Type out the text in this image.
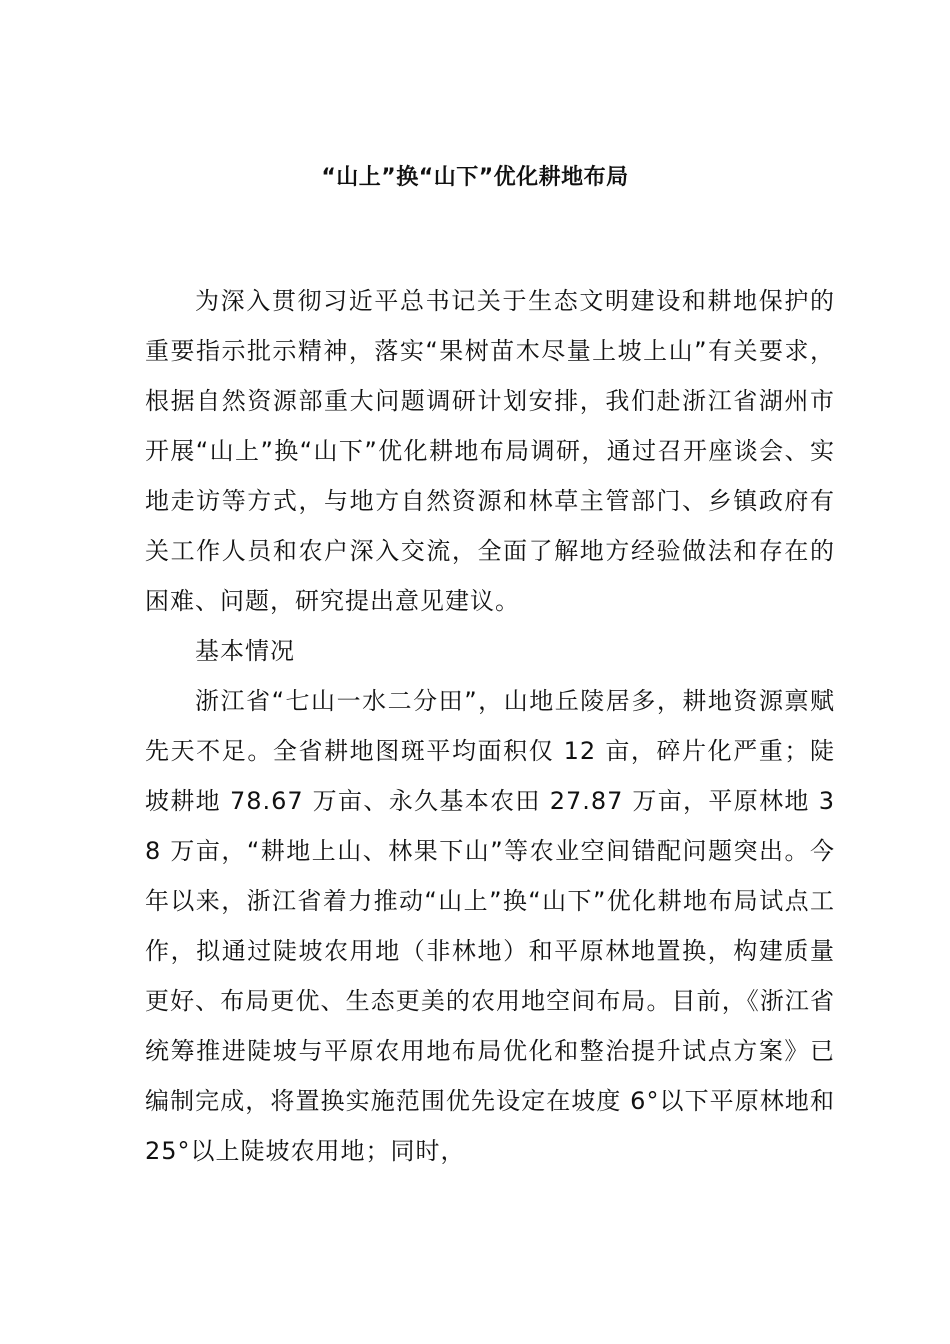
“山上”换“山下”优化耕地布局

为深入贯彻习近平总书记关于生态文明建设和耕地保护的重要指示批示精神，落实“果树苗木尽量上坡上山”有关要求，根据自然资源部重大问题调研计划安排，我们赴浙江省湖州市开展“山上”换“山下”优化耕地布局调研，通过召开座谈会、实地走访等方式，与地方自然资源和林草主管部门、乡镇政府有关工作人员和农户深入交流，全面了解地方经验做法和存在的困难、问题，研究提出意见建议。

基本情况

浙江省“七山一水二分田”，山地丘陵居多，耕地资源禀赋先天不足。全省耕地图斑平均面积仅 12 亩，碎片化严重；陡坡耕地 78.67 万亩、永久基本农田 27.87 万亩，平原林地 38 万亩，“耕地上山、林果下山”等农业空间错配问题突出。今年以来，浙江省着力推动“山上”换“山下”优化耕地布局试点工作，拟通过陡坡农用地（非林地）和平原林地置换，构建质量更好、布局更优、生态更美的农用地空间布局。目前，《浙江省统筹推进陡坡与平原农用地布局优化和整治提升试点方案》已编制完成，将置换实施范围优先设定在坡度 6°以下平原林地和 25°以上陡坡农用地；同时，
